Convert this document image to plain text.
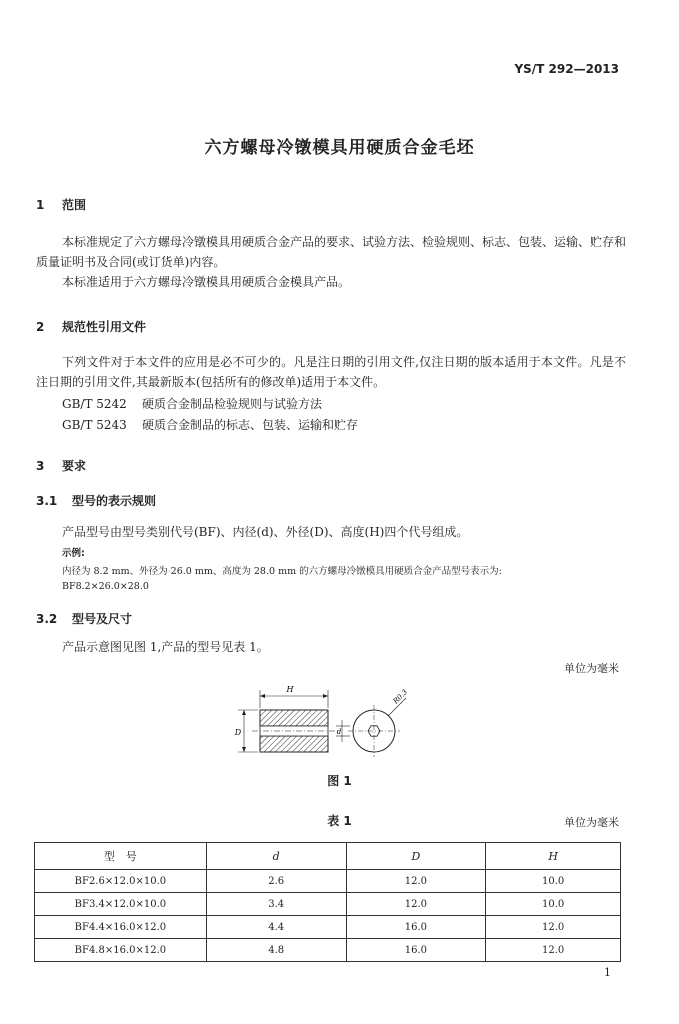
YS/T 292—2013
六方螺母冷镦模具用硬质合金毛坯
1 范围
本标准规定了六方螺母冷镦模具用硬质合金产品的要求、试验方法、检验规则、标志、包装、运输、贮存和质量证明书及合同(或订货单)内容。
本标准适用于六方螺母冷镦模具用硬质合金模具产品。
2 规范性引用文件
下列文件对于本文件的应用是必不可少的。凡是注日期的引用文件,仅注日期的版本适用于本文件。凡是不注日期的引用文件,其最新版本(包括所有的修改单)适用于本文件。
GB/T 5242 硬质合金制品检验规则与试验方法
GB/T 5243 硬质合金制品的标志、包装、运输和贮存
3 要求
3.1 型号的表示规则
产品型号由型号类别代号(BF)、内径(d)、外径(D)、高度(H)四个代号组成。
示例:
内径为 8.2 mm、外径为 26.0 mm、高度为 28.0 mm 的六方螺母冷镦模具用硬质合金产品型号表示为:
BF8.2×26.0×28.0
3.2 型号及尺寸
产品示意图见图 1,产品的型号见表 1。
单位为毫米
H
D	d
R0.3
图 1
表 1	单位为毫米
型　号	d	D	H
BF2.6×12.0×10.0	2.6	12.0	10.0
BF3.4×12.0×10.0	3.4	12.0	10.0
BF4.4×16.0×12.0	4.4	16.0	12.0
BF4.8×16.0×12.0	4.8	16.0	12.0
1
